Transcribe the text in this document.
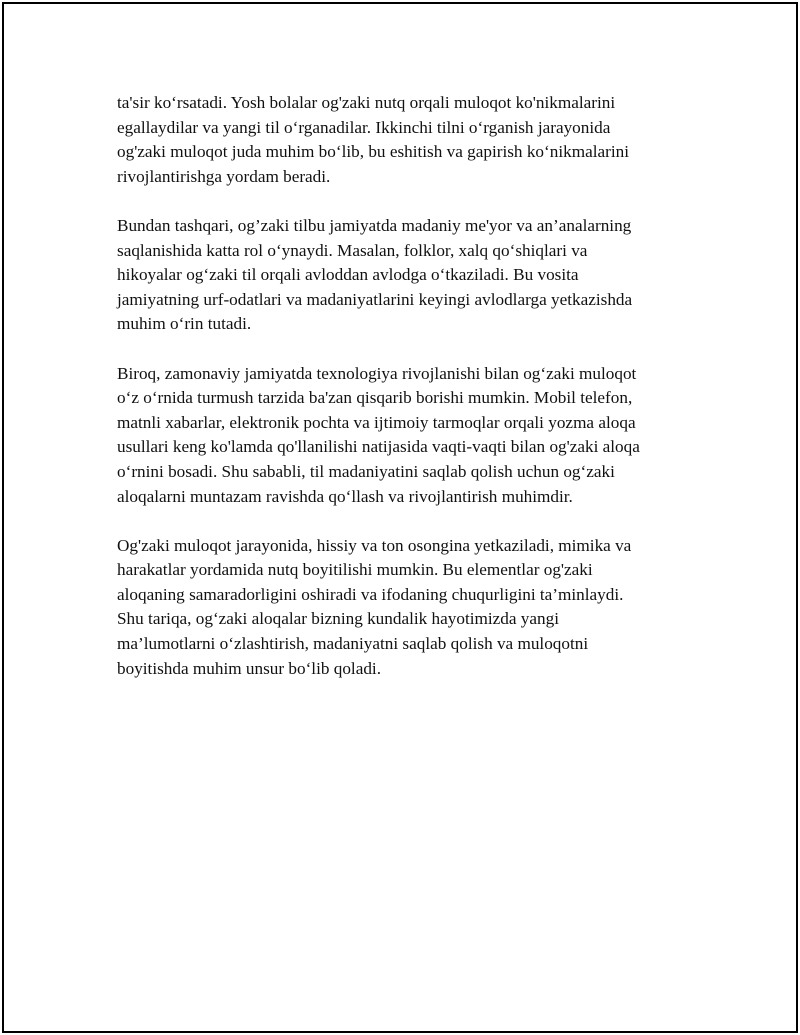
ta'sir ko‘rsatadi. Yosh bolalar og'zaki nutq orqali muloqot ko'nikmalarini
egallaydilar va yangi til o‘rganadilar. Ikkinchi tilni o‘rganish jarayonida
og'zaki muloqot juda muhim bo‘lib, bu eshitish va gapirish ko‘nikmalarini
rivojlantirishga yordam beradi.

Bundan tashqari, og’zaki tilbu jamiyatda madaniy me'yor va an’analarning
saqlanishida katta rol o‘ynaydi. Masalan, folklor, xalq qo‘shiqlari va
hikoyalar og‘zaki til orqali avloddan avlodga o‘tkaziladi. Bu vosita
jamiyatning urf-odatlari va madaniyatlarini keyingi avlodlarga yetkazishda
muhim o‘rin tutadi.

Biroq, zamonaviy jamiyatda texnologiya rivojlanishi bilan og‘zaki muloqot
o‘z o‘rnida turmush tarzida ba'zan qisqarib borishi mumkin. Mobil telefon,
matnli xabarlar, elektronik pochta va ijtimoiy tarmoqlar orqali yozma aloqa
usullari keng ko'lamda qo'llanilishi natijasida vaqti-vaqti bilan og'zaki aloqa
o‘rnini bosadi. Shu sababli, til madaniyatini saqlab qolish uchun og‘zaki
aloqalarni muntazam ravishda qo‘llash va rivojlantirish muhimdir.

Og'zaki muloqot jarayonida, hissiy va ton osongina yetkaziladi, mimika va
harakatlar yordamida nutq boyitilishi mumkin. Bu elementlar og'zaki
aloqaning samaradorligini oshiradi va ifodaning chuqurligini ta’minlaydi.
Shu tariqa, og‘zaki aloqalar bizning kundalik hayotimizda yangi
ma’lumotlarni o‘zlashtirish, madaniyatni saqlab qolish va muloqotni
boyitishda muhim unsur bo‘lib qoladi.
